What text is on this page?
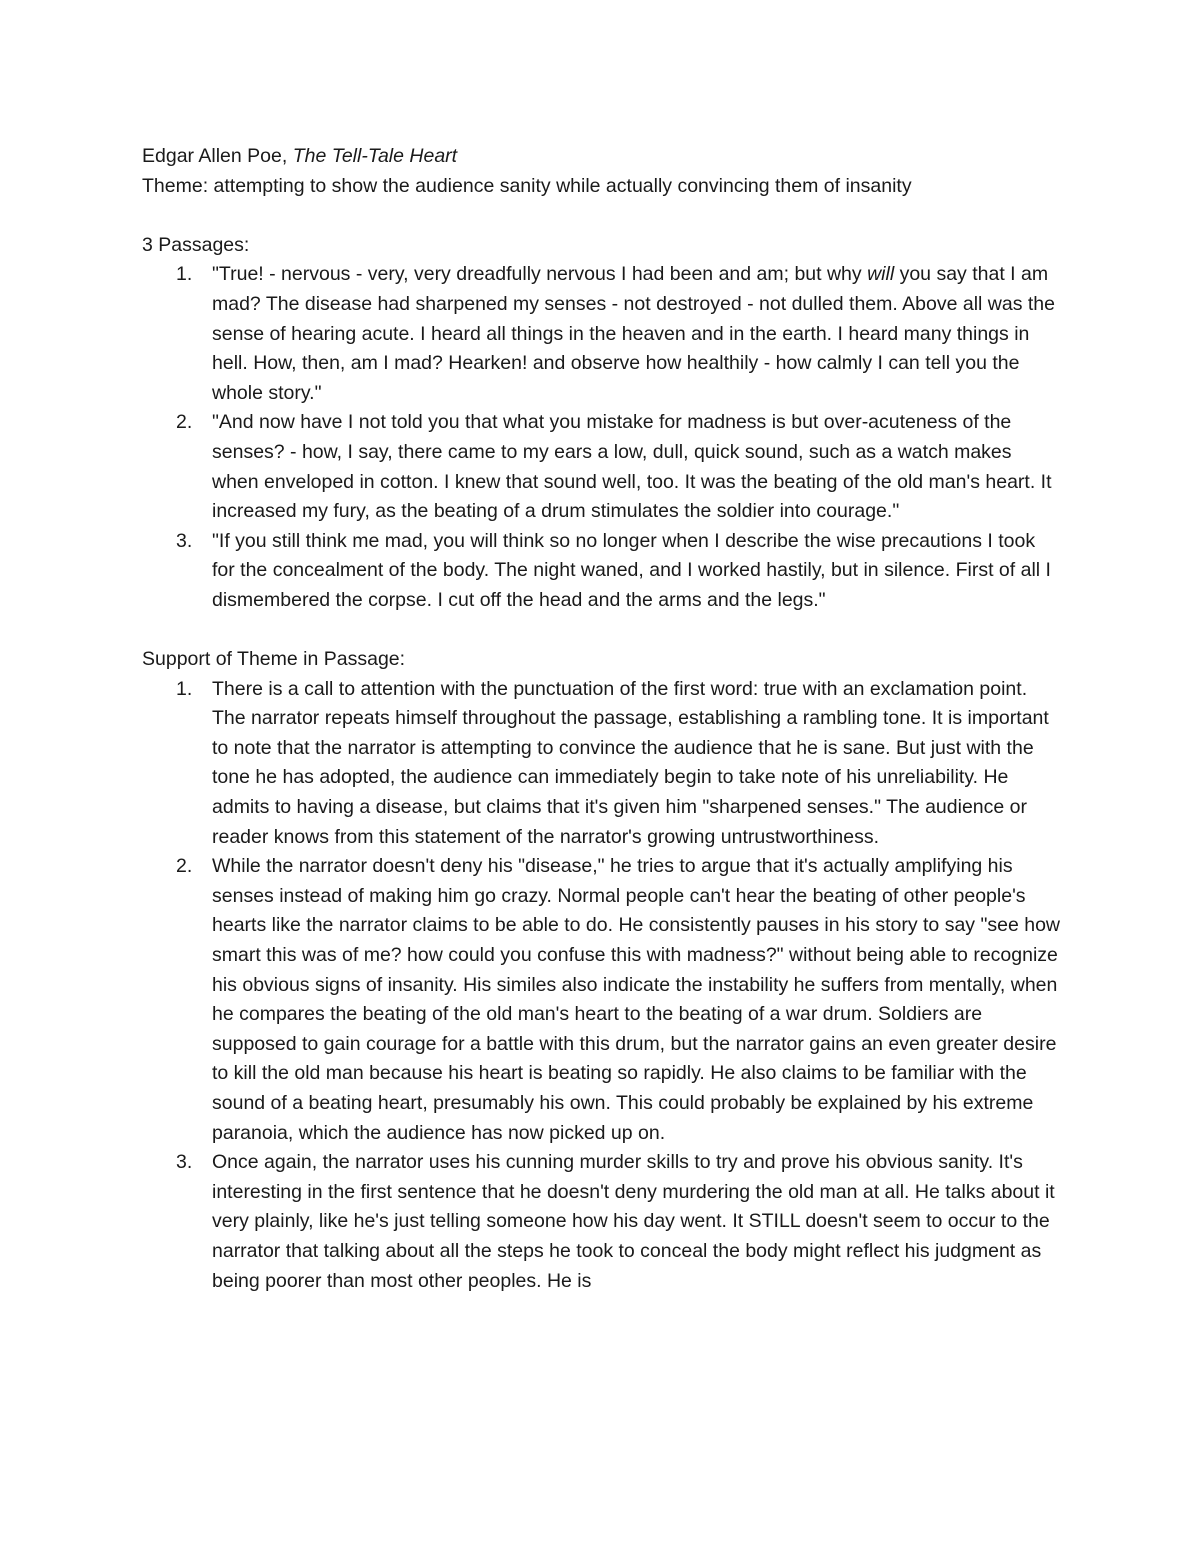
Edgar Allen Poe, The Tell-Tale Heart

Theme: attempting to show the audience sanity while actually convincing them of insanity

3 Passages:

1. "True! - nervous - very, very dreadfully nervous I had been and am; but why will you say that I am mad? The disease had sharpened my senses - not destroyed - not dulled them. Above all was the sense of hearing acute. I heard all things in the heaven and in the earth. I heard many things in hell. How, then, am I mad? Hearken! and observe how healthily - how calmly I can tell you the whole story."
2. "And now have I not told you that what you mistake for madness is but over-acuteness of the senses? - how, I say, there came to my ears a low, dull, quick sound, such as a watch makes when enveloped in cotton. I knew that sound well, too. It was the beating of the old man's heart. It increased my fury, as the beating of a drum stimulates the soldier into courage."
3. "If you still think me mad, you will think so no longer when I describe the wise precautions I took for the concealment of the body. The night waned, and I worked hastily, but in silence. First of all I dismembered the corpse. I cut off the head and the arms and the legs."

Support of Theme in Passage:

1. There is a call to attention with the punctuation of the first word: true with an exclamation point. The narrator repeats himself throughout the passage, establishing a rambling tone. It is important to note that the narrator is attempting to convince the audience that he is sane. But just with the tone he has adopted, the audience can immediately begin to take note of his unreliability. He admits to having a disease, but claims that it's given him "sharpened senses." The audience or reader knows from this statement of the narrator's growing untrustworthiness.
2. While the narrator doesn't deny his "disease," he tries to argue that it's actually amplifying his senses instead of making him go crazy. Normal people can't hear the beating of other people's hearts like the narrator claims to be able to do. He consistently pauses in his story to say "see how smart this was of me? how could you confuse this with madness?" without being able to recognize his obvious signs of insanity. His similes also indicate the instability he suffers from mentally, when he compares the beating of the old man's heart to the beating of a war drum. Soldiers are supposed to gain courage for a battle with this drum, but the narrator gains an even greater desire to kill the old man because his heart is beating so rapidly. He also claims to be familiar with the sound of a beating heart, presumably his own. This could probably be explained by his extreme paranoia, which the audience has now picked up on.
3. Once again, the narrator uses his cunning murder skills to try and prove his obvious sanity. It's interesting in the first sentence that he doesn't deny murdering the old man at all. He talks about it very plainly, like he's just telling someone how his day went. It STILL doesn't seem to occur to the narrator that talking about all the steps he took to conceal the body might reflect his judgment as being poorer than most other peoples. He is
